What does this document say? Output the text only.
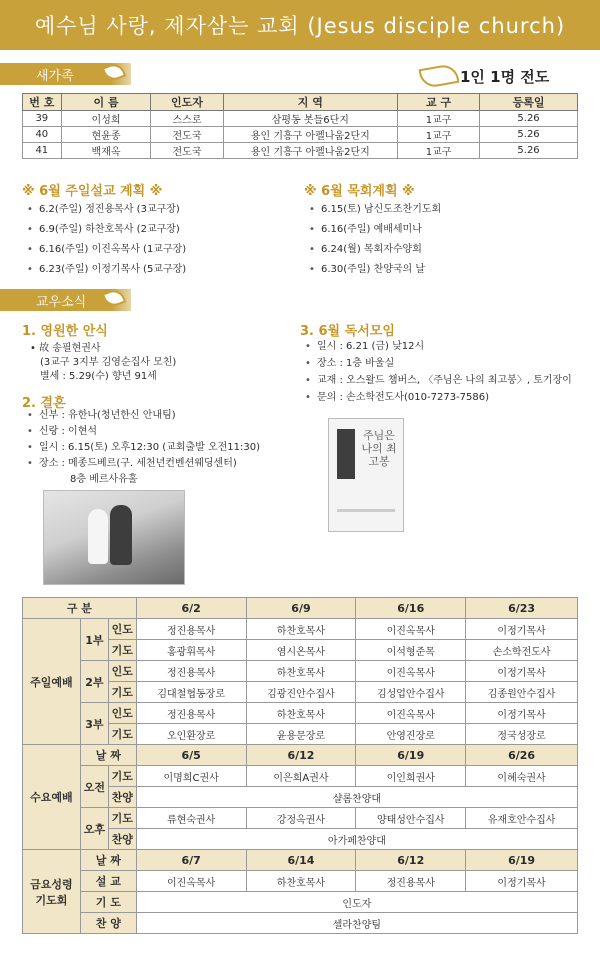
예수님 사랑, 제자삼는 교회 (Jesus disciple church)
새가족	1인 1명 전도
번 호	이 름	인도자	지 역	교 구	등록일
39	이성희	스스로	삼평동 봇들6단지	1교구	5.26
40	현윤종	전도국	용인 기흥구 아펠나움2단지	1교구	5.26
41	백재옥	전도국	용인 기흥구 아펠나움2단지	1교구	5.26
※ 6월 주일설교 계획 ※
• 6.2(주일) 정진용목사 (3교구장)
• 6.9(주일) 하찬호목사 (2교구장)
• 6.16(주일) 이진옥목사 (1교구장)
• 6.23(주일) 이정기목사 (5교구장)
※ 6월 목회계획 ※
• 6.15(토) 남신도조찬기도회
• 6.16(주일) 예배세미나
• 6.24(월) 목회자수양회
• 6.30(주일) 찬양국의 날
교우소식
1. 영원한 안식
• 故 송필현권사
(3교구 3지부 김영순집사 모친)
별세 : 5.29(수) 향년 91세
2. 결혼
• 신부 : 유한나(청년한신 안내팀)
• 신랑 : 이현석
• 일시 : 6.15(토) 오후12:30 (교회출발 오전11:30)
• 장소 : 메종드베르(구. 세천년컨벤션웨딩센터)
8층 베르사유홀
3. 6월 독서모임
• 일시 : 6.21 (금) 낮12시
• 장소 : 1층 바울실
• 교재 : 오스왈드 챔버스, 〈주님은 나의 최고봉〉, 토기장이
• 문의 : 손소학전도사(010-7273-7586)
주님은 나의 최고봉
구 분			6/2	6/9	6/16	6/23
주일예배	1부	인도	정진용목사	하찬호목사	이진옥목사	이정기목사
		기도	홍광휘목사	염시온목사	이석형준목	손소학전도사
	2부	인도	정진용목사	하찬호목사	이진옥목사	이정기목사
		기도	김대철협동장로	김광진안수집사	김성업안수집사	김종원안수집사
	3부	인도	정진용목사	하찬호목사	이진옥목사	이정기목사
		기도	오인환장로	윤용문장로	안영진장로	정국성장로
수요예배	날 짜		6/5	6/12	6/19	6/26
	오전	기도	이명희C권사	이은희A권사	이인희권사	이혜숙권사
		찬양	샬롬찬양대			
	오후	기도	류현숙권사	강정옥권사	양태성안수집사	유재호안수집사
		찬양	아가페찬양대			
금요성령 기도회	날 짜		6/7	6/14	6/12	6/19
	설 교		이진옥목사	하찬호목사	정진용목사	이정기목사
	기 도		인도자			
	찬 양		셀라찬양팀			
